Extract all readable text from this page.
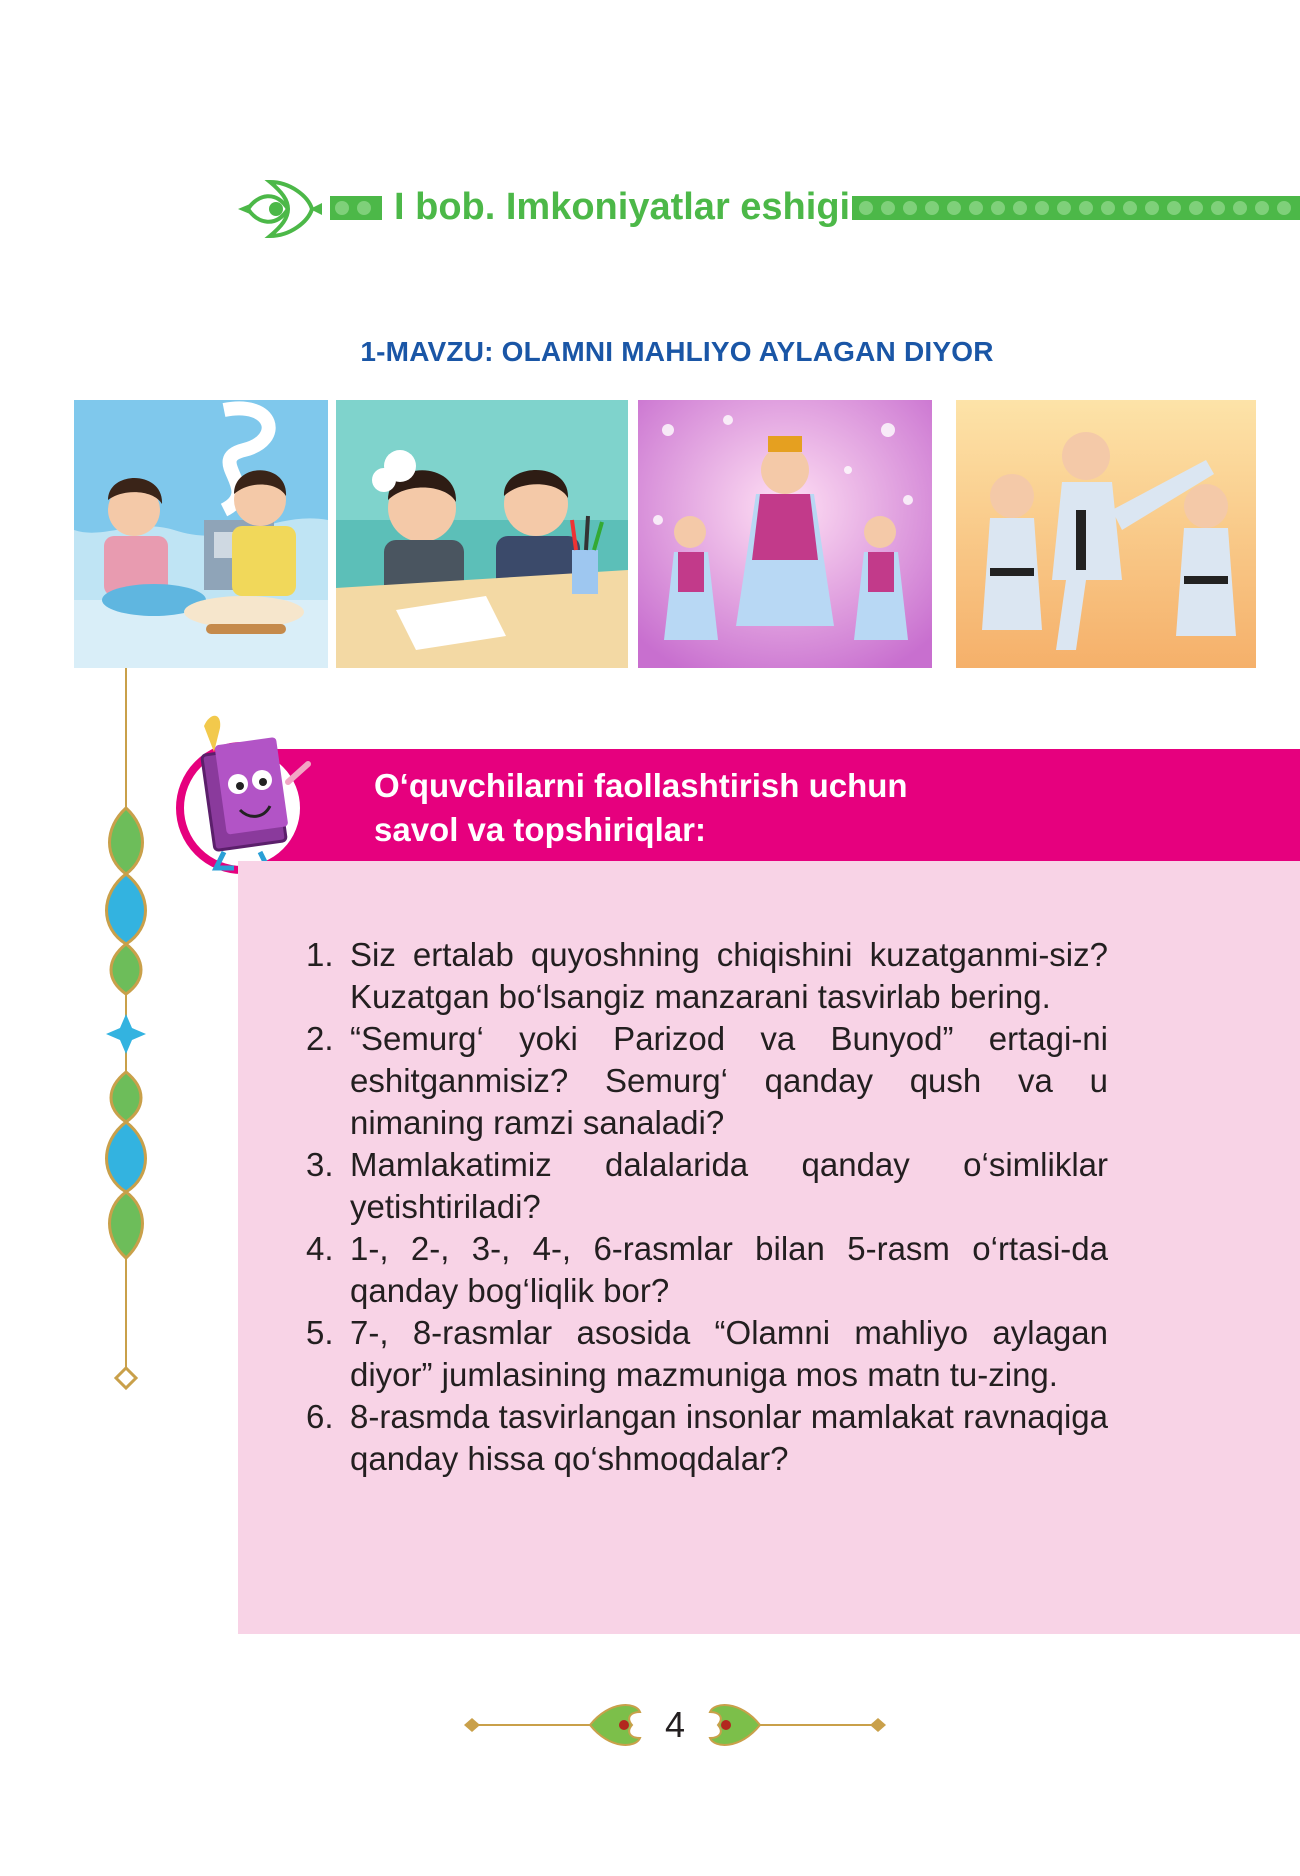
I bob. Imkoniyatlar eshigi
1-MAVZU: OLAMNI MAHLIYO AYLAGAN DIYOR
O‘quvchilarni faollashtirish uchun
savol va topshiriqlar:
1. Siz ertalab quyoshning chiqishini kuzatganmi-siz? Kuzatgan bo‘lsangiz manzarani tasvirlab bering.
2. “Semurg‘ yoki Parizod va Bunyod” ertagi-ni eshitganmisiz? Semurg‘ qanday qush va u nimaning ramzi sanaladi?
3. Mamlakatimiz dalalarida qanday o‘simliklar yetishtiriladi?
4. 1-, 2-, 3-, 4-, 6-rasmlar bilan 5-rasm o‘rtasi-da qanday bog‘liqlik bor?
5. 7-, 8-rasmlar asosida “Olamni mahliyo aylagan diyor” jumlasining mazmuniga mos matn tu-zing.
6. 8-rasmda tasvirlangan insonlar mamlakat ravnaqiga qanday hissa qo‘shmoqdalar?
4
